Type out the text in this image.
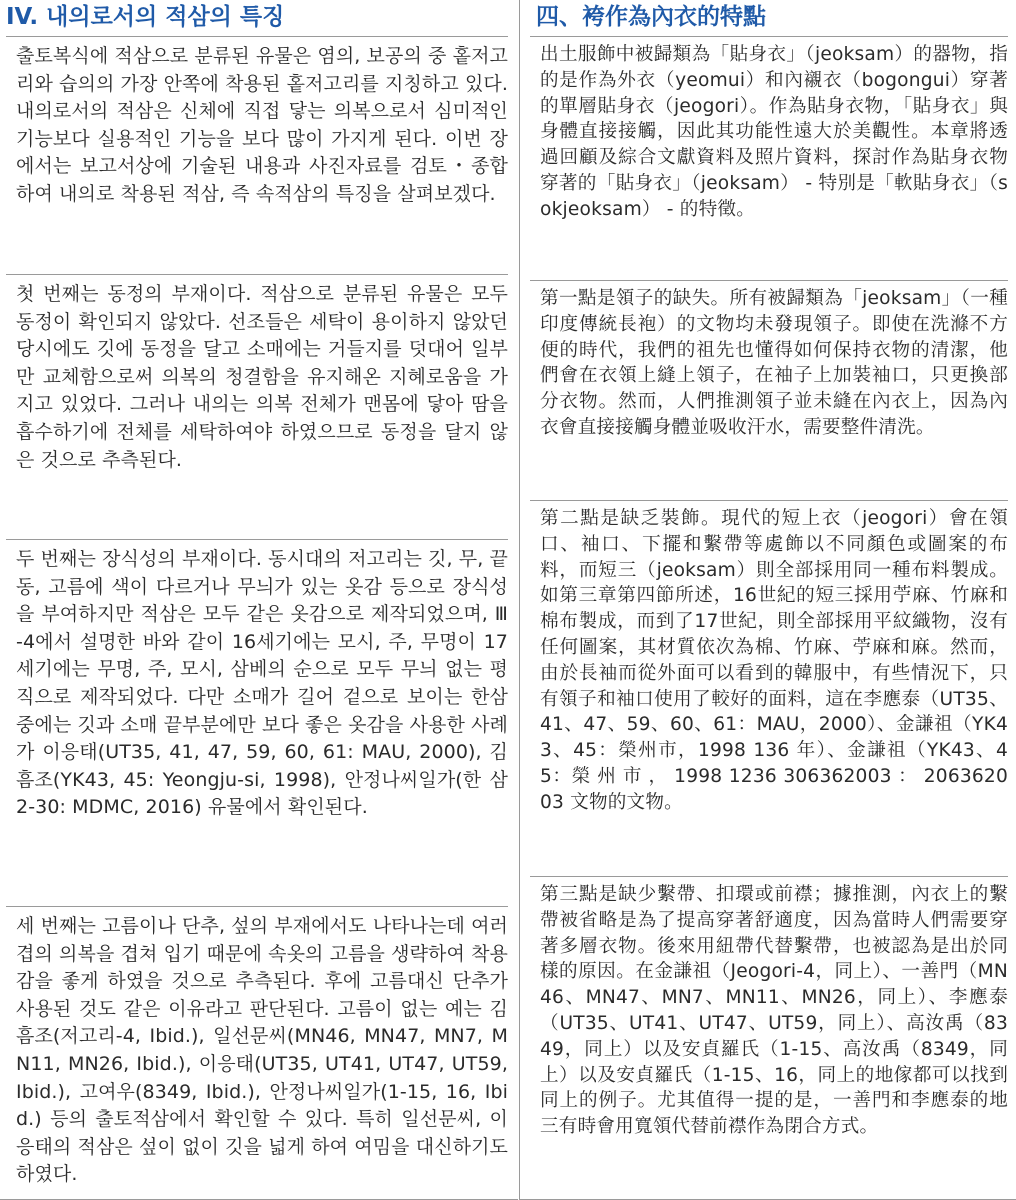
IV. 내의로서의 적삼의 특징

출토복식에 적삼으로 분류된 유물은 염의, 보공의 중 홑저고리와 습의의 가장 안쪽에 착용된 홑저고리를 지칭하고 있다. 내의로서의 적삼은 신체에 직접 닿는 의복으로서 심미적인 기능보다 실용적인 기능을 보다 많이 가지게 된다. 이번 장에서는 보고서상에 기술된 내용과 사진자료를 검토・종합하여 내의로 착용된 적삼, 즉 속적삼의 특징을 살펴보겠다.

첫 번째는 동정의 부재이다. 적삼으로 분류된 유물은 모두 동정이 확인되지 않았다. 선조들은 세탁이 용이하지 않았던 당시에도 깃에 동정을 달고 소매에는 거들지를 덧대어 일부만 교체함으로써 의복의 청결함을 유지해온 지혜로움을 가지고 있었다. 그러나 내의는 의복 전체가 맨몸에 닿아 땀을 흡수하기에 전체를 세탁하여야 하였으므로 동정을 달지 않은 것으로 추측된다.

두 번째는 장식성의 부재이다. 동시대의 저고리는 깃, 무, 끝동, 고름에 색이 다르거나 무늬가 있는 옷감 등으로 장식성을 부여하지만 적삼은 모두 같은 옷감으로 제작되었으며, Ⅲ-4에서 설명한 바와 같이 16세기에는 모시, 주, 무명이 17세기에는 무명, 주, 모시, 삼베의 순으로 모두 무늬 없는 평직으로 제작되었다. 다만 소매가 길어 겉으로 보이는 한삼 중에는 깃과 소매 끝부분에만 보다 좋은 옷감을 사용한 사례가 이응태(UT35, 41, 47, 59, 60, 61: MAU, 2000), 김흠조(YK43, 45: Yeongju-si, 1998), 안정나씨일가(한 삼 2-30: MDMC, 2016) 유물에서 확인된다.

세 번째는 고름이나 단추, 섶의 부재에서도 나타나는데 여러 겹의 의복을 겹쳐 입기 때문에 속옷의 고름을 생략하여 착용감을 좋게 하였을 것으로 추측된다. 후에 고름대신 단추가 사용된 것도 같은 이유라고 판단된다. 고름이 없는 예는 김흠조(저고리-4, Ibid.), 일선문씨(MN46, MN47, MN7, MN11, MN26, Ibid.), 이응태(UT35, UT41, UT47, UT59, Ibid.), 고여우(8349, Ibid.), 안정나씨일가(1-15, 16, Ibid.) 등의 출토적삼에서 확인할 수 있다. 특히 일선문씨, 이응태의 적삼은 섶이 없이 깃을 넓게 하여 여밈을 대신하기도 하였다.

四、袴作為內衣的特點

出土服飾中被歸類為「貼身衣」（jeoksam）的器物，指的是作為外衣（yeomui）和內襯衣（bogongui）穿著的單層貼身衣（jeogori）。作為貼身衣物，「貼身衣」與身體直接接觸，因此其功能性遠大於美觀性。本章將透過回顧及綜合文獻資料及照片資料，探討作為貼身衣物穿著的「貼身衣」（jeoksam） - 特別是「軟貼身衣」（sokjeoksam） - 的特徵。

第一點是領子的缺失。所有被歸類為「jeoksam」（一種印度傳統長袍）的文物均未發現領子。即使在洗滌不方便的時代，我們的祖先也懂得如何保持衣物的清潔，他們會在衣領上縫上領子，在袖子上加裝袖口，只更換部分衣物。然而，人們推測領子並未縫在內衣上，因為內衣會直接接觸身體並吸收汗水，需要整件清洗。

第二點是缺乏裝飾。現代的短上衣（jeogori）會在領口、袖口、下擺和繫帶等處飾以不同顏色或圖案的布料，而短三（jeoksam）則全部採用同一種布料製成。如第三章第四節所述，16世紀的短三採用苧麻、竹麻和棉布製成，而到了17世紀，則全部採用平紋織物，沒有任何圖案，其材質依次為棉、竹麻、苧麻和麻。然而，由於長袖而從外面可以看到的韓服中，有些情況下，只有領子和袖口使用了較好的面料，這在李應泰（UT35、41、47、59、60、61：MAU，2000）、金謙祖（YK43、45：榮州市，1998 136 年）、金謙祖（YK43、45：榮 州 市 ， 1998 1236 306362003 ： 206362003 文物的文物。

第三點是缺少繫帶、扣環或前襟；據推測，內衣上的繫帶被省略是為了提高穿著舒適度，因為當時人們需要穿著多層衣物。後來用紐帶代替繫帶，也被認為是出於同樣的原因。在金謙祖（Jeogori-4，同上）、一善門（MN46、MN47、MN7、MN11、MN26，同上）、李應泰（UT35、UT41、UT47、UT59，同上）、高汝禹（8349，同上）以及安貞羅氏（1-15、高汝禹（8349，同上）以及安貞羅氏（1-15、16，同上的地傢都可以找到同上的例子。尤其值得一提的是，一善門和李應泰的地三有時會用寬領代替前襟作為閉合方式。
